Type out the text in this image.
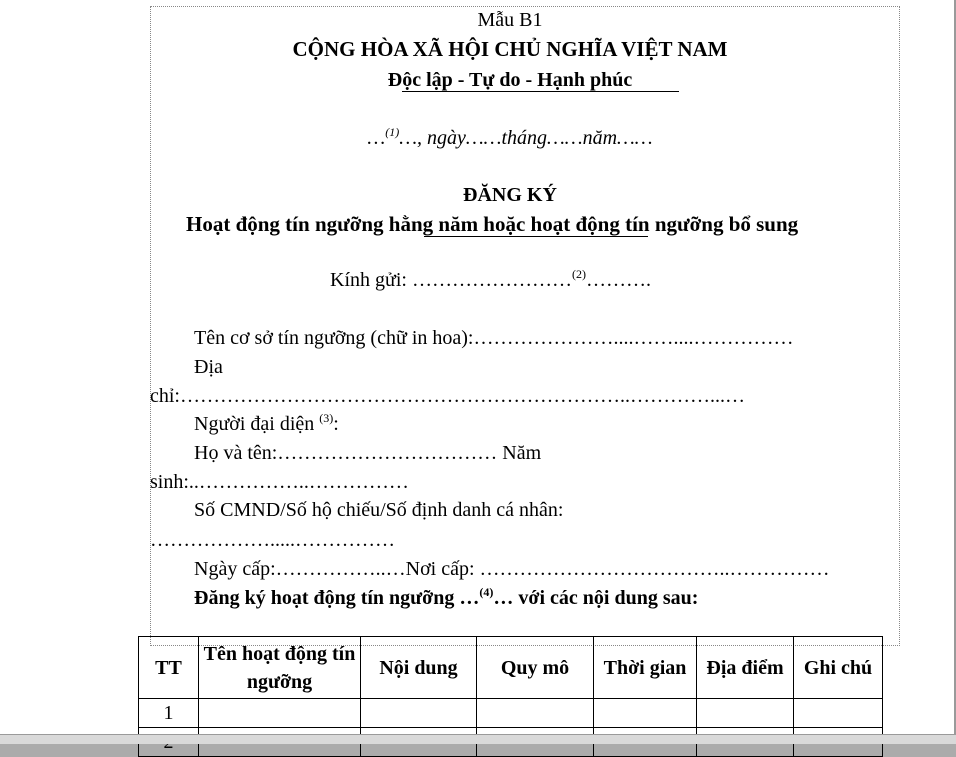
Mẫu B1
CỘNG HÒA XÃ HỘI CHỦ NGHĨA VIỆT NAM
Độc lập - Tự do - Hạnh phúc
…$^{(1)}$…, ngày……tháng……năm……
ĐĂNG KÝ
Hoạt động tín ngưỡng hằng năm hoặc hoạt động tín ngưỡng bổ sung
Kính gửi: ……………………$^{(2)}$……….
Tên cơ sở tín ngưỡng (chữ in hoa):…………………....……....……………
Địa
chỉ:…………………………………………………………..…………...…
Người đại diện $^{(3)}$:
Họ và tên:…………………………… Năm
sinh:..……………..……………
Số CMND/Số hộ chiếu/Số định danh cá nhân:
……………….....……………
Ngày cấp:……………..…Nơi cấp: ………………………………..……………
Đăng ký hoạt động tín ngưỡng …$^{(4)}$… với các nội dung sau:
TT	Tên hoạt động tín ngưỡng	Nội dung	Quy mô	Thời gian	Địa điểm	Ghi chú
1						
